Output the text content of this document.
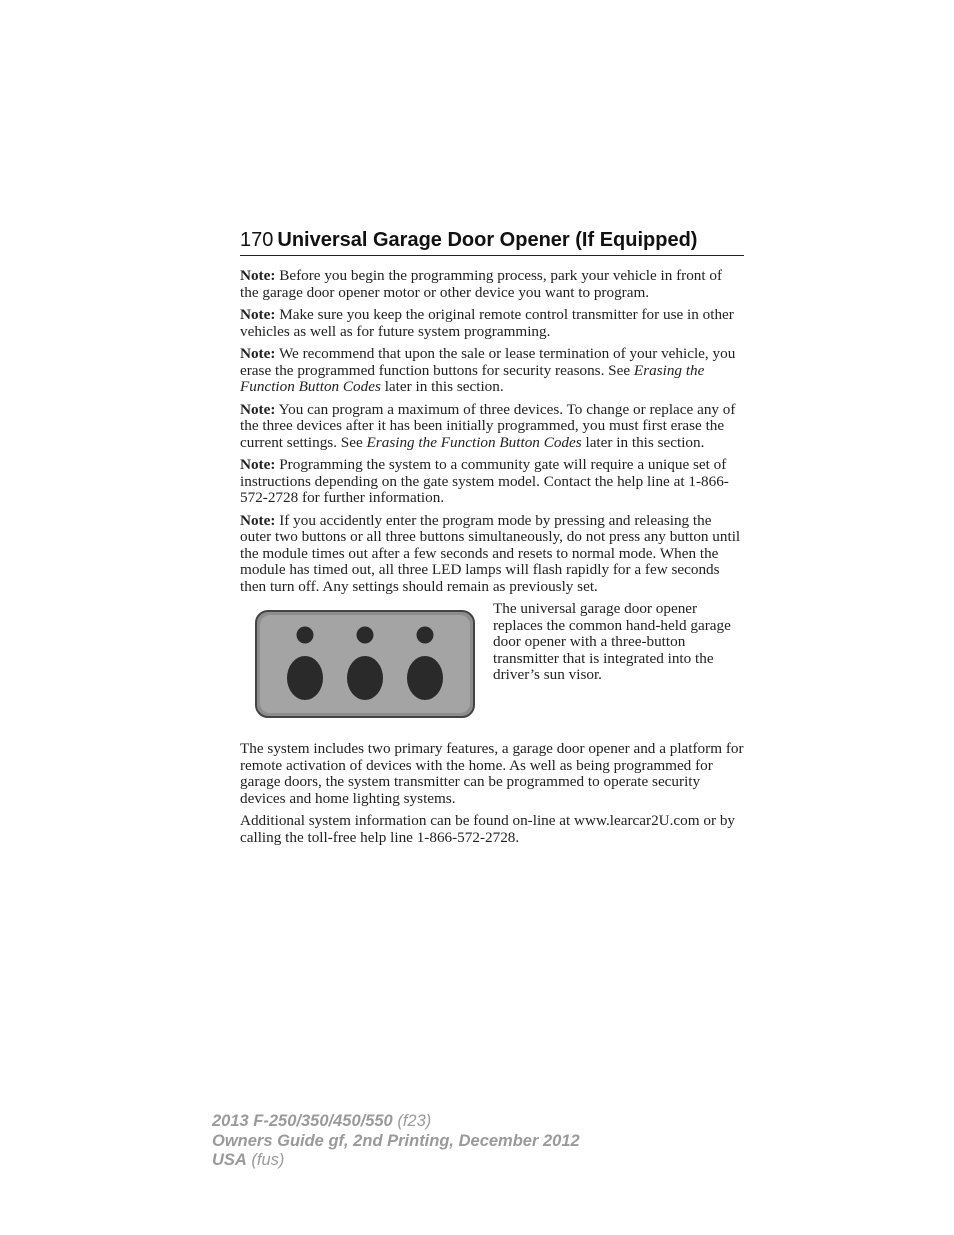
170 Universal Garage Door Opener (If Equipped)

Note: Before you begin the programming process, park your vehicle in front of the garage door opener motor or other device you want to program.

Note: Make sure you keep the original remote control transmitter for use in other vehicles as well as for future system programming.

Note: We recommend that upon the sale or lease termination of your vehicle, you erase the programmed function buttons for security reasons. See Erasing the Function Button Codes later in this section.

Note: You can program a maximum of three devices. To change or replace any of the three devices after it has been initially programmed, you must first erase the current settings. See Erasing the Function Button Codes later in this section.

Note: Programming the system to a community gate will require a unique set of instructions depending on the gate system model. Contact the help line at 1-866-572-2728 for further information.

Note: If you accidently enter the program mode by pressing and releasing the outer two buttons or all three buttons simultaneously, do not press any button until the module times out after a few seconds and resets to normal mode. When the module has timed out, all three LED lamps will flash rapidly for a few seconds then turn off. Any settings should remain as previously set.

The universal garage door opener replaces the common hand-held garage door opener with a three-button transmitter that is integrated into the driver’s sun visor.

The system includes two primary features, a garage door opener and a platform for remote activation of devices with the home. As well as being programmed for garage doors, the system transmitter can be programmed to operate security devices and home lighting systems.

Additional system information can be found on-line at www.learcar2U.com or by calling the toll-free help line 1-866-572-2728.

2013 F-250/350/450/550 (f23)
Owners Guide gf, 2nd Printing, December 2012
USA (fus)
